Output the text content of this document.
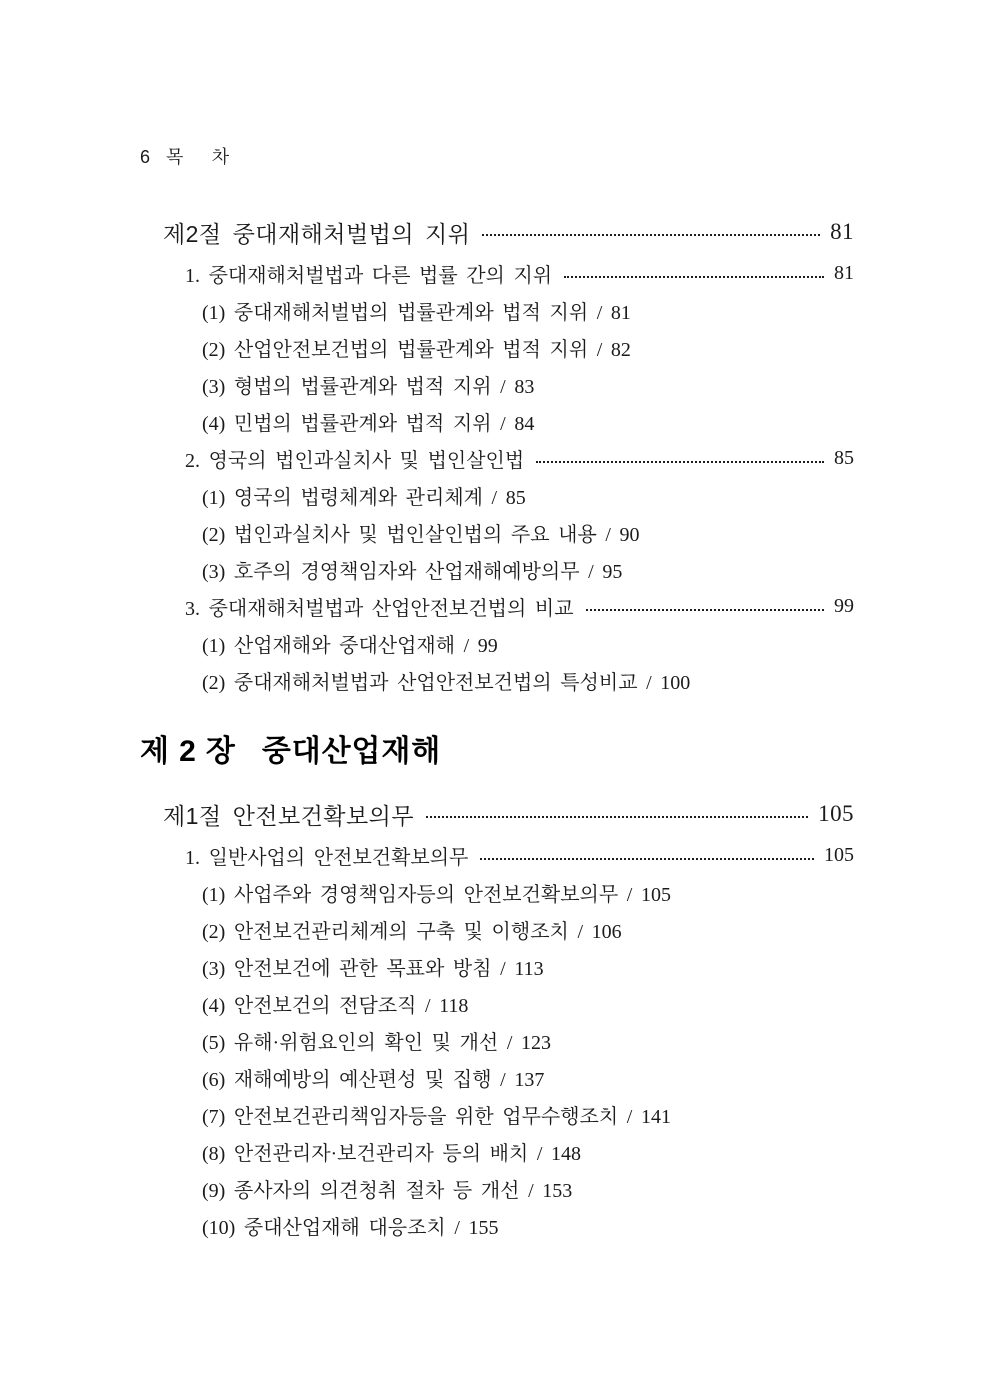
6 목 차
제2절 중대재해처벌법의 지위	81
1. 중대재해처벌법과 다른 법률 간의 지위	81
(1) 중대재해처벌법의 법률관계와 법적 지위 / 81
(2) 산업안전보건법의 법률관계와 법적 지위 / 82
(3) 형법의 법률관계와 법적 지위 / 83
(4) 민법의 법률관계와 법적 지위 / 84
2. 영국의 법인과실치사 및 법인살인법	85
(1) 영국의 법령체계와 관리체계 / 85
(2) 법인과실치사 및 법인살인법의 주요 내용 / 90
(3) 호주의 경영책임자와 산업재해예방의무 / 95
3. 중대재해처벌법과 산업안전보건법의 비교	99
(1) 산업재해와 중대산업재해 / 99
(2) 중대재해처벌법과 산업안전보건법의 특성비교 / 100
제 2 장 중대산업재해
제1절 안전보건확보의무	105
1. 일반사업의 안전보건확보의무	105
(1) 사업주와 경영책임자등의 안전보건확보의무 / 105
(2) 안전보건관리체계의 구축 및 이행조치 / 106
(3) 안전보건에 관한 목표와 방침 / 113
(4) 안전보건의 전담조직 / 118
(5) 유해·위험요인의 확인 및 개선 / 123
(6) 재해예방의 예산편성 및 집행 / 137
(7) 안전보건관리책임자등을 위한 업무수행조치 / 141
(8) 안전관리자·보건관리자 등의 배치 / 148
(9) 종사자의 의견청취 절차 등 개선 / 153
(10) 중대산업재해 대응조치 / 155
